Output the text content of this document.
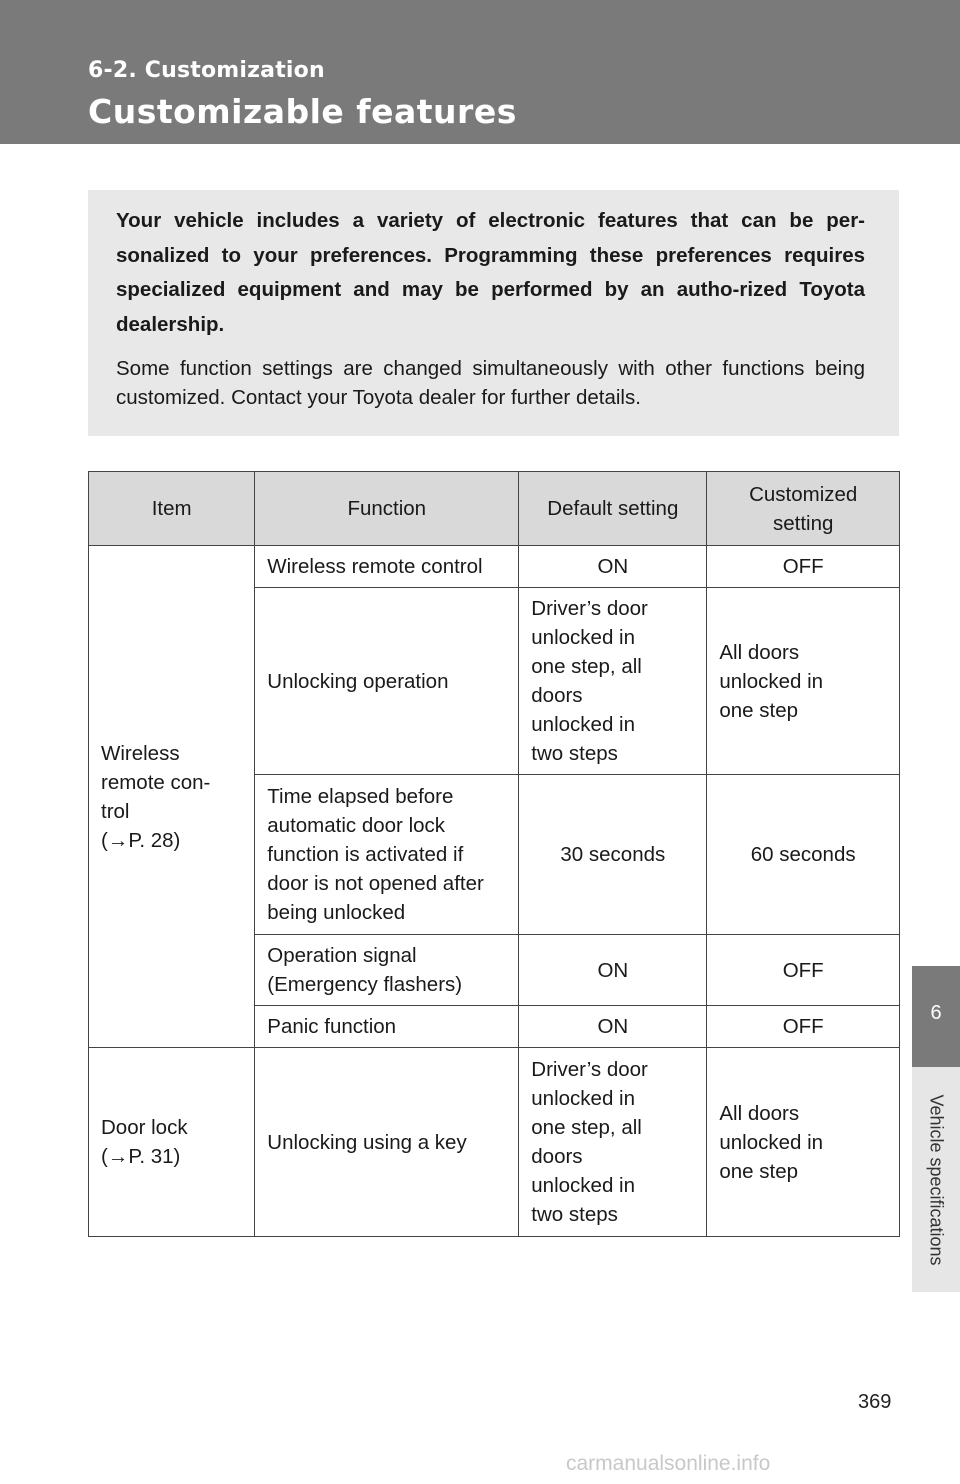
6-2. Customization
Customizable features

Your vehicle includes a variety of electronic features that can be per-sonalized to your preferences. Programming these preferences requires specialized equipment and may be performed by an autho-rized Toyota dealership.

Some function settings are changed simultaneously with other functions being customized. Contact your Toyota dealer for further details.

Item	Function	Default setting	Customized setting

Wireless
remote con-
trol
(→P. 28)	Wireless remote control	ON	OFF
	Unlocking operation	Driver’s door unlocked in one step, all doors unlocked in two steps	All doors unlocked in one step
	Time elapsed before automatic door lock function is activated if door is not opened after being unlocked	30 seconds	60 seconds
	Operation signal (Emergency flashers)	ON	OFF
	Panic function	ON	OFF

Door lock
(→P. 31)	Unlocking using a key	Driver’s door unlocked in one step, all doors unlocked in two steps	All doors unlocked in one step
6
Vehicle specifications
369
carmanualsonline.info
